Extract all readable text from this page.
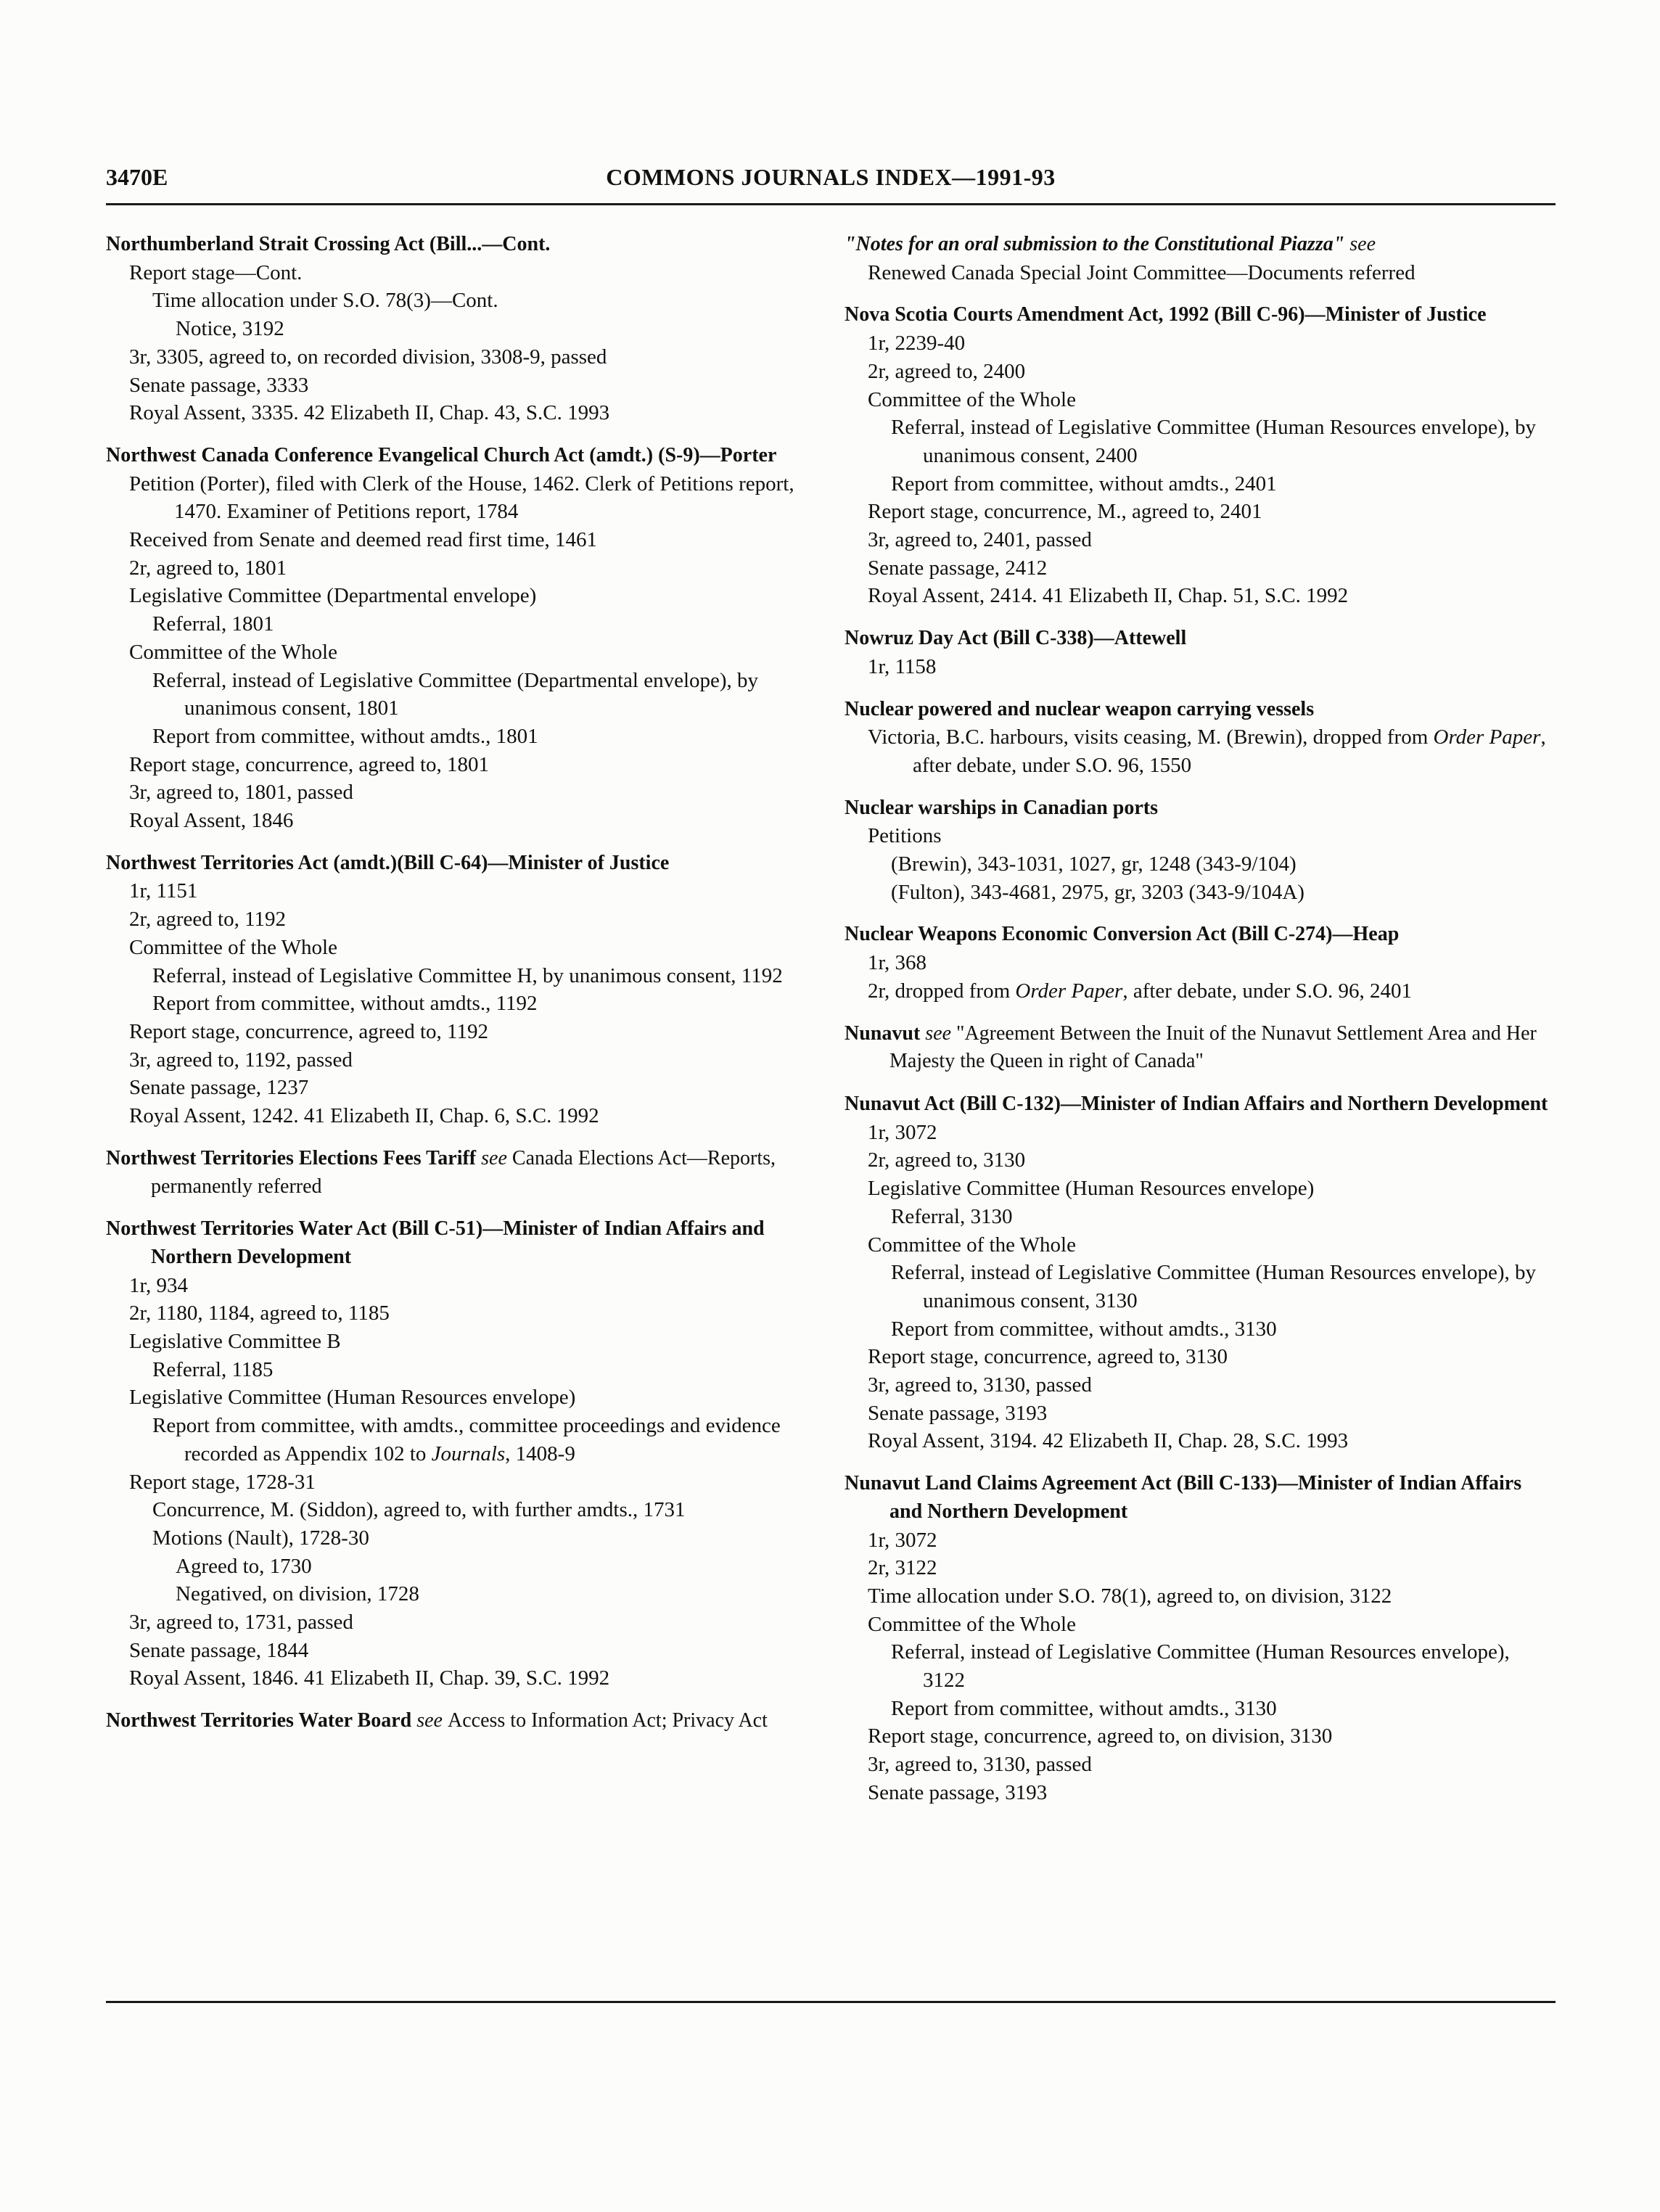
3470E	COMMONS JOURNALS INDEX—1991-93
Northumberland Strait Crossing Act (Bill...—Cont.
Report stage—Cont.
Time allocation under S.O. 78(3)—Cont.
Notice, 3192
3r, 3305, agreed to, on recorded division, 3308-9, passed
Senate passage, 3333
Royal Assent, 3335. 42 Elizabeth II, Chap. 43, S.C. 1993
Northwest Canada Conference Evangelical Church Act (amdt.) (S-9)—Porter
Petition (Porter), filed with Clerk of the House, 1462. Clerk of Petitions report, 1470. Examiner of Petitions report, 1784
Received from Senate and deemed read first time, 1461
2r, agreed to, 1801
Legislative Committee (Departmental envelope)
Referral, 1801
Committee of the Whole
Referral, instead of Legislative Committee (Departmental envelope), by unanimous consent, 1801
Report from committee, without amdts., 1801
Report stage, concurrence, agreed to, 1801
3r, agreed to, 1801, passed
Royal Assent, 1846
Northwest Territories Act (amdt.)(Bill C-64)—Minister of Justice
1r, 1151
2r, agreed to, 1192
Committee of the Whole
Referral, instead of Legislative Committee H, by unanimous consent, 1192
Report from committee, without amdts., 1192
Report stage, concurrence, agreed to, 1192
3r, agreed to, 1192, passed
Senate passage, 1237
Royal Assent, 1242. 41 Elizabeth II, Chap. 6, S.C. 1992
Northwest Territories Elections Fees Tariff see Canada Elections Act—Reports, permanently referred
Northwest Territories Water Act (Bill C-51)—Minister of Indian Affairs and Northern Development
1r, 934
2r, 1180, 1184, agreed to, 1185
Legislative Committee B
Referral, 1185
Legislative Committee (Human Resources envelope)
Report from committee, with amdts., committee proceedings and evidence recorded as Appendix 102 to Journals, 1408-9
Report stage, 1728-31
Concurrence, M. (Siddon), agreed to, with further amdts., 1731
Motions (Nault), 1728-30
Agreed to, 1730
Negatived, on division, 1728
3r, agreed to, 1731, passed
Senate passage, 1844
Royal Assent, 1846. 41 Elizabeth II, Chap. 39, S.C. 1992
Northwest Territories Water Board see Access to Information Act; Privacy Act
"Notes for an oral submission to the Constitutional Piazza" see
Renewed Canada Special Joint Committee—Documents referred
Nova Scotia Courts Amendment Act, 1992 (Bill C-96)—Minister of Justice
1r, 2239-40
2r, agreed to, 2400
Committee of the Whole
Referral, instead of Legislative Committee (Human Resources envelope), by unanimous consent, 2400
Report from committee, without amdts., 2401
Report stage, concurrence, M., agreed to, 2401
3r, agreed to, 2401, passed
Senate passage, 2412
Royal Assent, 2414. 41 Elizabeth II, Chap. 51, S.C. 1992
Nowruz Day Act (Bill C-338)—Attewell
1r, 1158
Nuclear powered and nuclear weapon carrying vessels
Victoria, B.C. harbours, visits ceasing, M. (Brewin), dropped from Order Paper, after debate, under S.O. 96, 1550
Nuclear warships in Canadian ports
Petitions
(Brewin), 343-1031, 1027, gr, 1248 (343-9/104)
(Fulton), 343-4681, 2975, gr, 3203 (343-9/104A)
Nuclear Weapons Economic Conversion Act (Bill C-274)—Heap
1r, 368
2r, dropped from Order Paper, after debate, under S.O. 96, 2401
Nunavut see "Agreement Between the Inuit of the Nunavut Settlement Area and Her Majesty the Queen in right of Canada"
Nunavut Act (Bill C-132)—Minister of Indian Affairs and Northern Development
1r, 3072
2r, agreed to, 3130
Legislative Committee (Human Resources envelope)
Referral, 3130
Committee of the Whole
Referral, instead of Legislative Committee (Human Resources envelope), by unanimous consent, 3130
Report from committee, without amdts., 3130
Report stage, concurrence, agreed to, 3130
3r, agreed to, 3130, passed
Senate passage, 3193
Royal Assent, 3194. 42 Elizabeth II, Chap. 28, S.C. 1993
Nunavut Land Claims Agreement Act (Bill C-133)—Minister of Indian Affairs and Northern Development
1r, 3072
2r, 3122
Time allocation under S.O. 78(1), agreed to, on division, 3122
Committee of the Whole
Referral, instead of Legislative Committee (Human Resources envelope), 3122
Report from committee, without amdts., 3130
Report stage, concurrence, agreed to, on division, 3130
3r, agreed to, 3130, passed
Senate passage, 3193
